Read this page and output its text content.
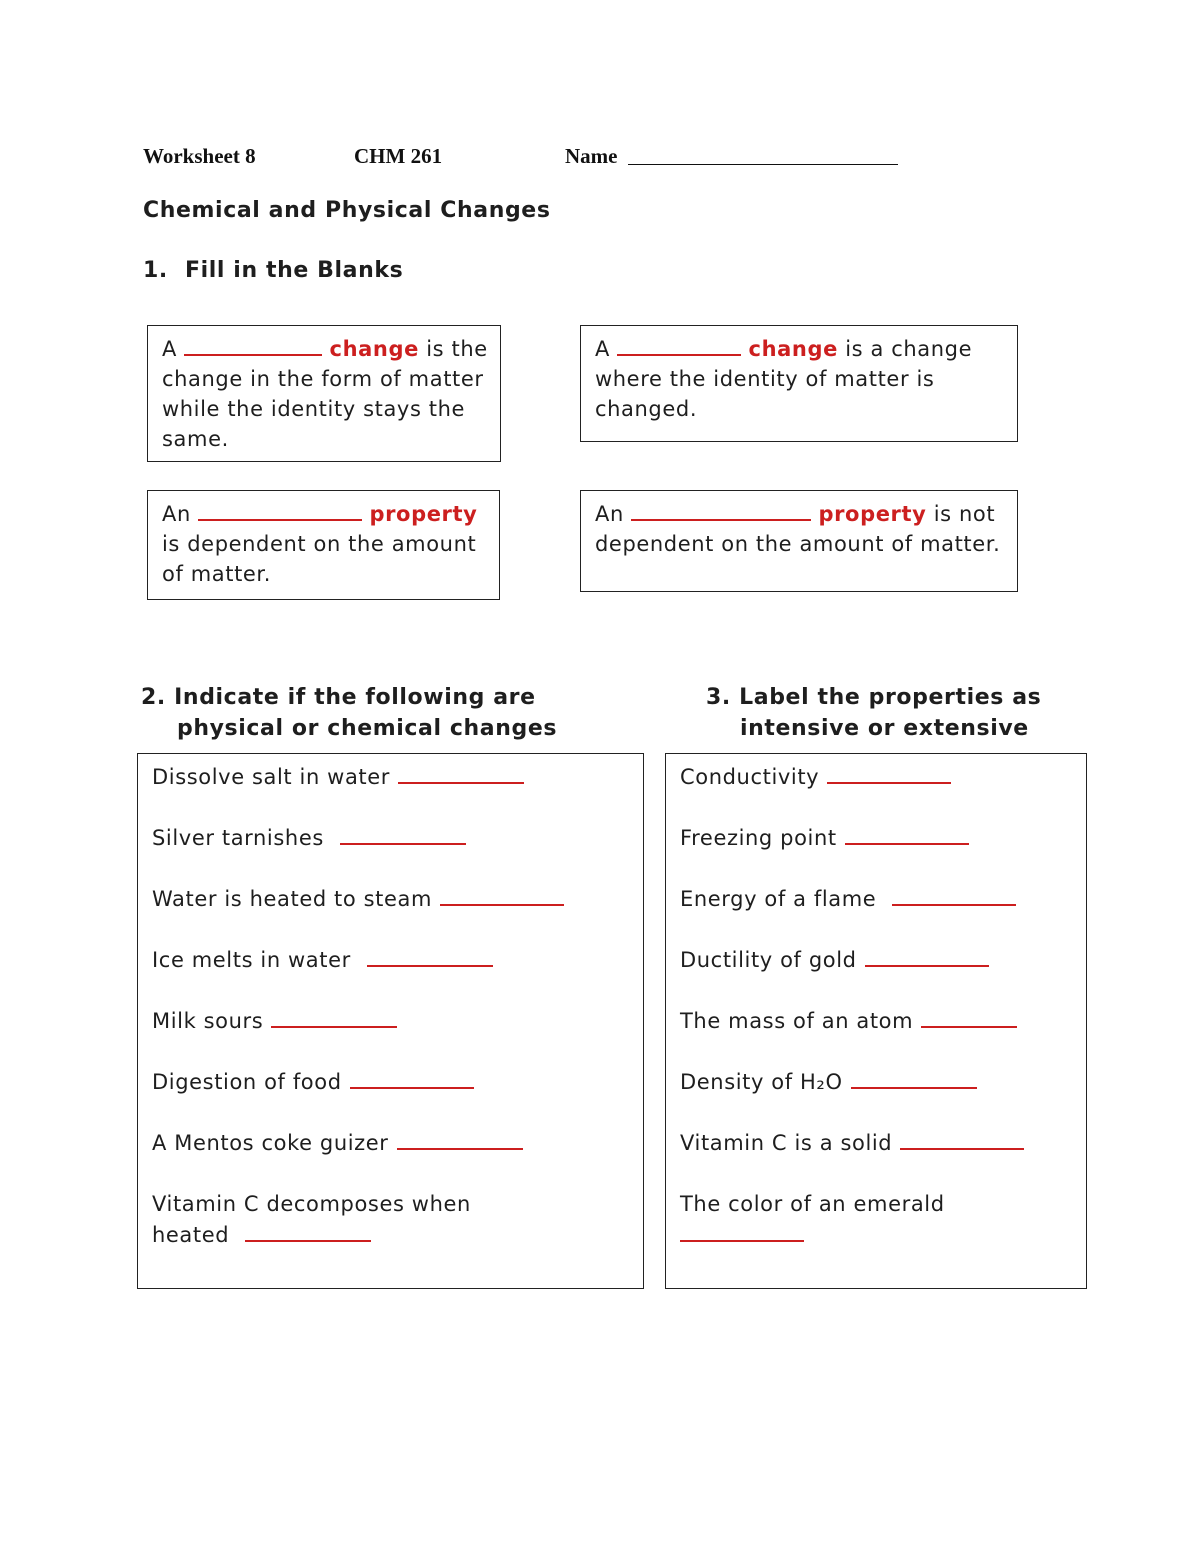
Worksheet 8	CHM 261	Name
Chemical and Physical Changes
1. Fill in the Blanks
A	change is the change in the form of matter while the identity stays the same.
A	change is a change where the identity of matter is changed.
An	property is dependent on the amount of matter.
An	property is not dependent on the amount of matter.
2. Indicate if the following are
physical or chemical changes
3. Label the properties as
intensive or extensive
Dissolve salt in water
Silver tarnishes
Water is heated to steam
Ice melts in water
Milk sours
Digestion of food
A Mentos coke guizer
Vitamin C decomposes when
heated
Conductivity
Freezing point
Energy of a flame
Ductility of gold
The mass of an atom
Density of H₂O
Vitamin C is a solid
The color of an emerald
